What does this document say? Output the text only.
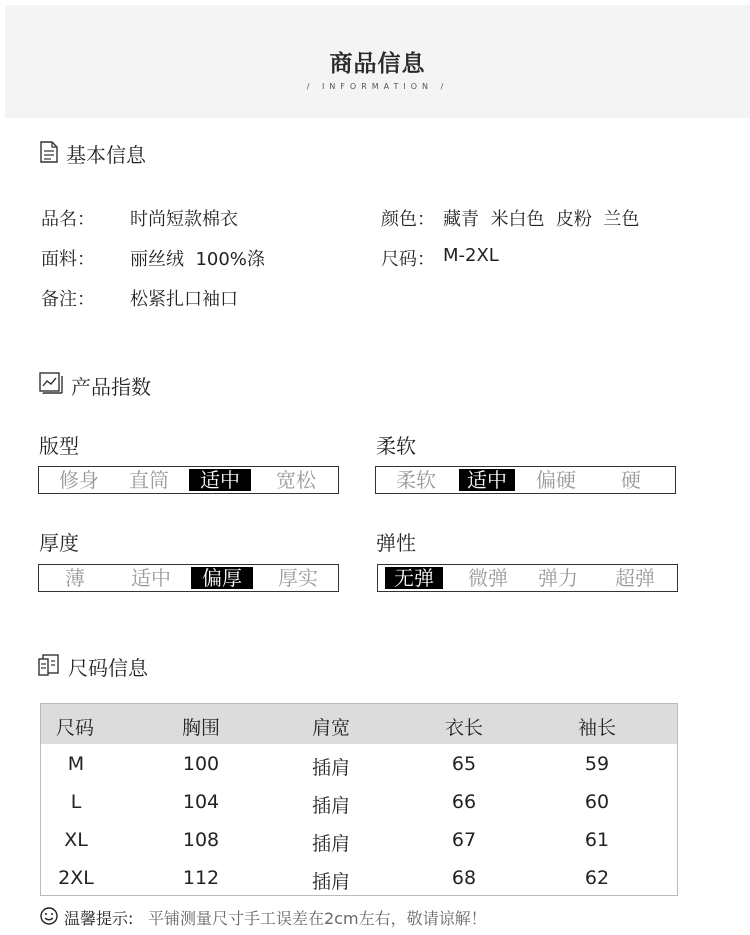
商品信息
/ INFORMATION /
基本信息
品名： 时尚短款棉衣
面料： 丽丝绒  100%涤
备注： 松紧扎口袖口
颜色： 藏青  米白色  皮粉  兰色
尺码： M-2XL
产品指数
版型
修身	直筒	适中	宽松
柔软
柔软	适中	偏硬	硬
厚度
薄	适中	偏厚	厚实
弹性
无弹	微弹	弹力	超弹
尺码信息
尺码	胸围	肩宽	衣长	袖长
M	100	插肩	65	59
L	104	插肩	66	60
XL	108	插肩	67	61
2XL	112	插肩	68	62
温馨提示: 平铺测量尺寸手工误差在2cm左右，敬请谅解！
